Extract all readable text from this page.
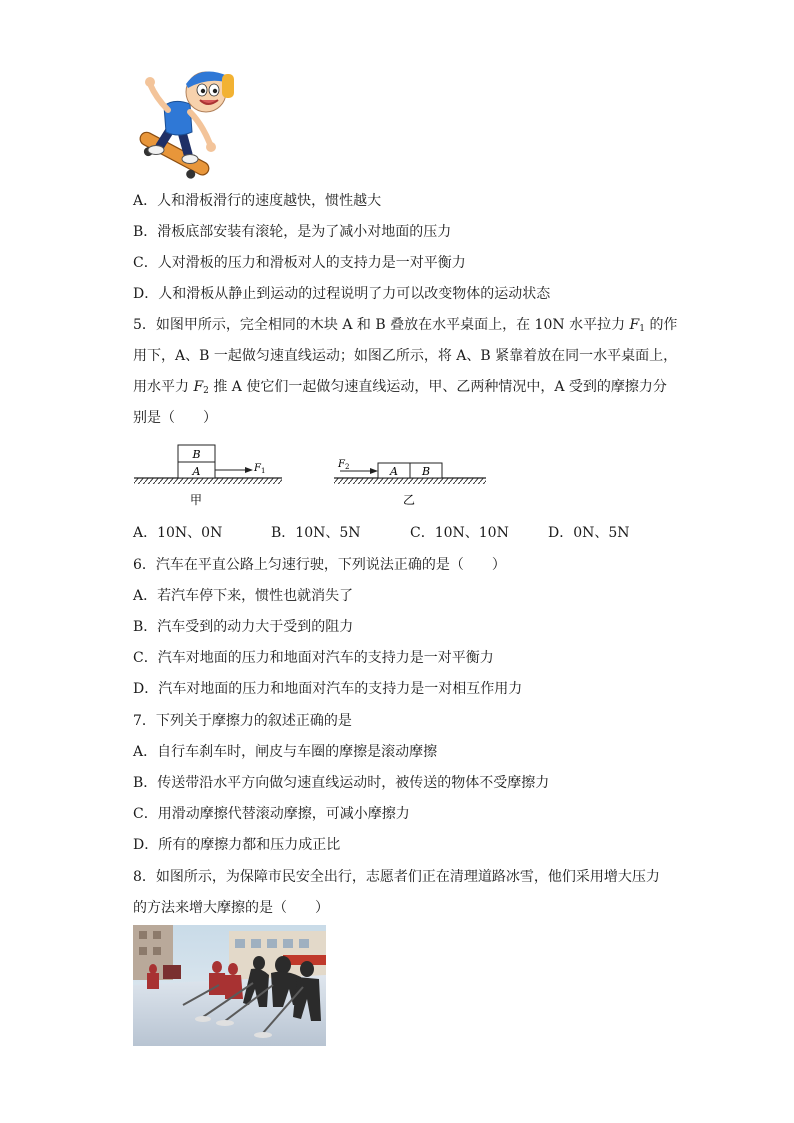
A．人和滑板滑行的速度越快，惯性越大
B．滑板底部安装有滚轮，是为了减小对地面的压力
C．人对滑板的压力和滑板对人的支持力是一对平衡力
D．人和滑板从静止到运动的过程说明了力可以改变物体的运动状态
5．如图甲所示，完全相同的木块 A 和 B 叠放在水平桌面上，在 10N 水平拉力 $F_1$ 的作
用下，A、B 一起做匀速直线运动；如图乙所示，将 A、B 紧靠着放在同一水平桌面上，
用水平力 $F_2$ 推 A 使它们一起做匀速直线运动，甲、乙两种情况中，A 受到的摩擦力分
别是（　　）
A
B
F 1
甲
A B
F 2
乙
A．10N、0N	B．10N、5N	C．10N、10N	D．0N、5N
6．汽车在平直公路上匀速行驶，下列说法正确的是（　　）
A．若汽车停下来，惯性也就消失了
B．汽车受到的动力大于受到的阻力
C．汽车对地面的压力和地面对汽车的支持力是一对平衡力
D．汽车对地面的压力和地面对汽车的支持力是一对相互作用力
7．下列关于摩擦力的叙述正确的是
A．自行车刹车时，闸皮与车圈的摩擦是滚动摩擦
B．传送带沿水平方向做匀速直线运动时，被传送的物体不受摩擦力
C．用滑动摩擦代替滚动摩擦，可减小摩擦力
D．所有的摩擦力都和压力成正比
8．如图所示，为保障市民安全出行，志愿者们正在清理道路冰雪，他们采用增大压力
的方法来增大摩擦的是（　　）
